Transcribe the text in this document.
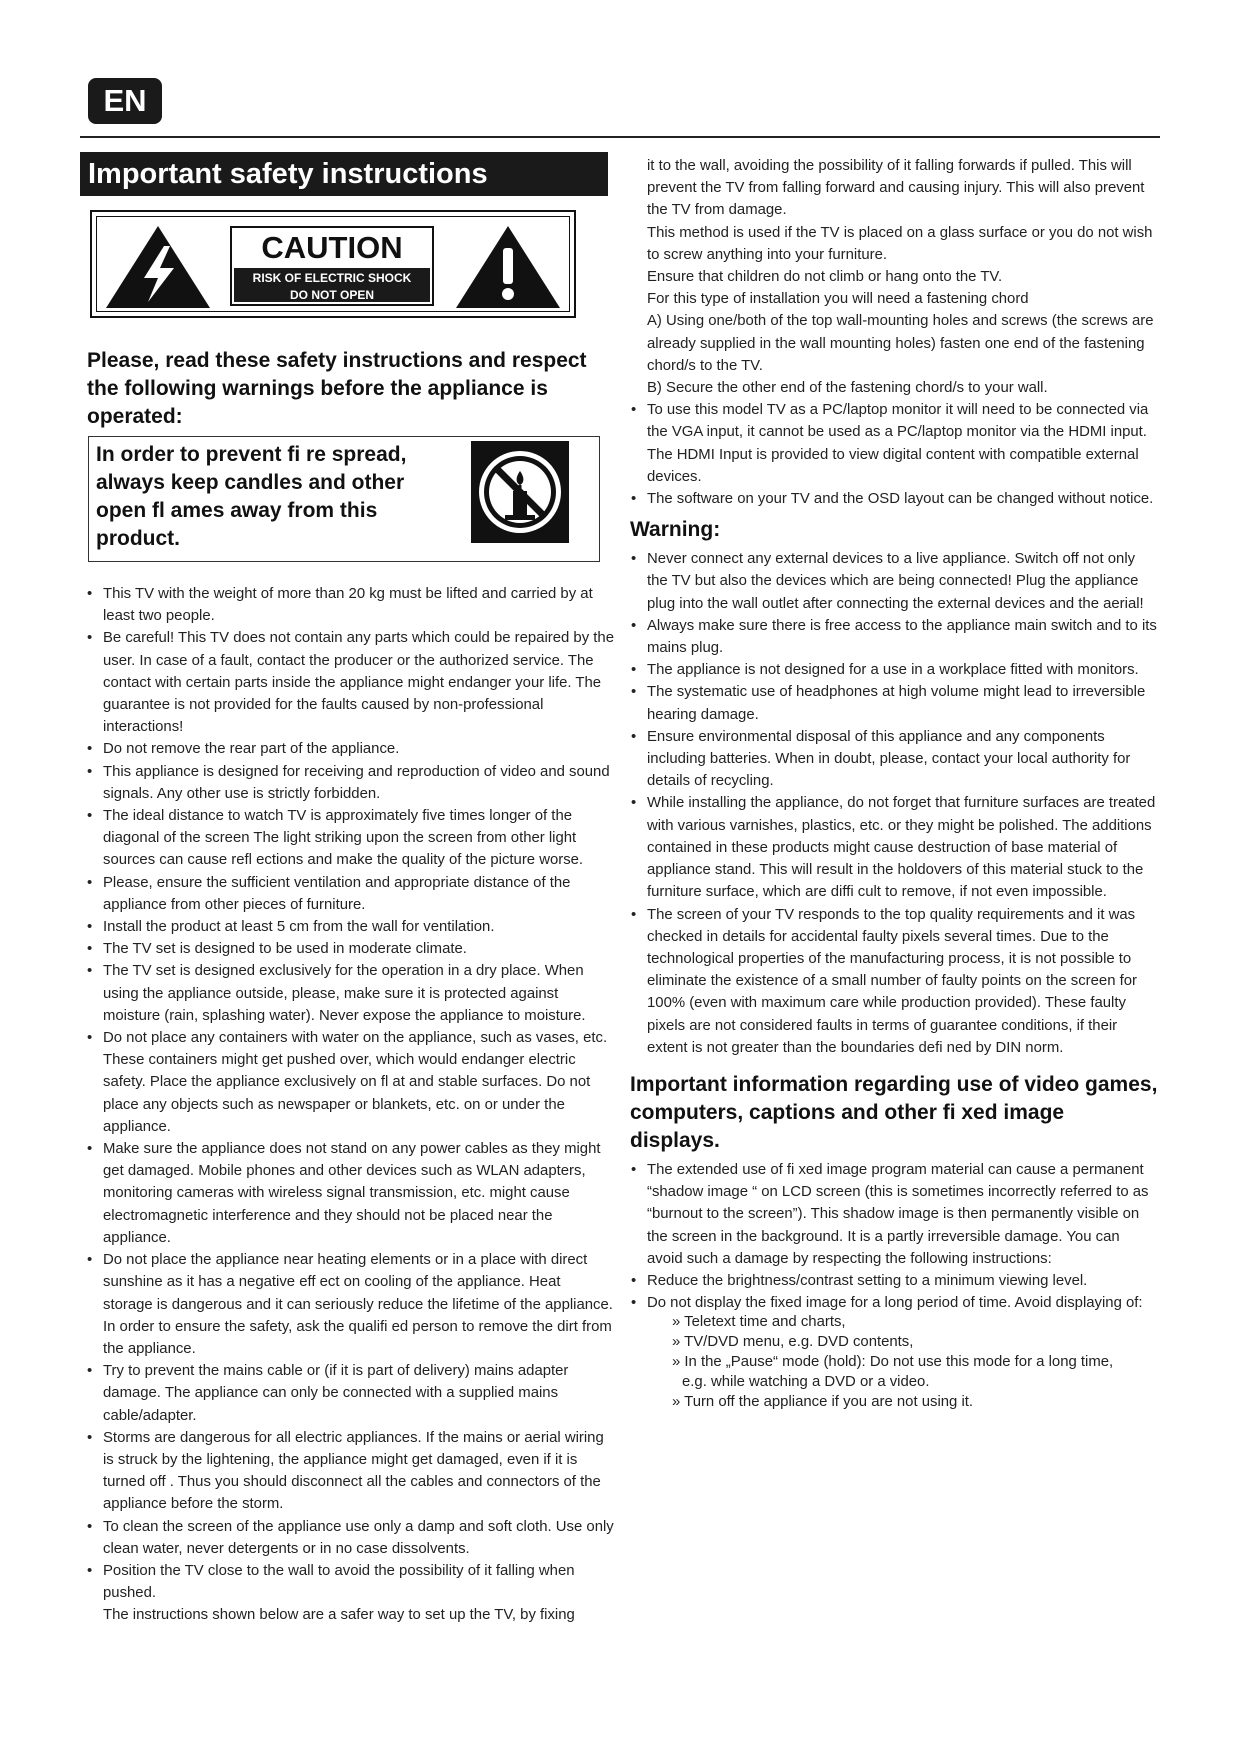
EN
Important safety instructions
CAUTION
RISK OF ELECTRIC SHOCK
DO NOT OPEN
Please, read these safety instructions and respect the following warnings before the appliance is operated:
In order to prevent fi re spread, always keep candles and other open fl ames away from this product.
• This TV with the weight of more than 20 kg must be lifted and carried by at least two people.
• Be careful! This TV does not contain any parts which could be repaired by the user. In case of a fault, contact the producer or the authorized service. The contact with certain parts inside the appliance might endanger your life. The guarantee is not provided for the faults caused by non-professional interactions!
• Do not remove the rear part of the appliance.
• This appliance is designed for receiving and reproduction of video and sound signals. Any other use is strictly forbidden.
• The ideal distance to watch TV is approximately five times longer of the diagonal of the screen The light striking upon the screen from other light sources can cause refl ections and make the quality of the picture worse.
• Please, ensure the sufficient ventilation and appropriate distance of the appliance from other pieces of furniture.
• Install the product at least 5 cm from the wall for ventilation.
• The TV set is designed to be used in moderate climate.
• The TV set is designed exclusively for the operation in a dry place. When using the appliance outside, please, make sure it is protected against moisture (rain, splashing water). Never expose the appliance to moisture.
• Do not place any containers with water on the appliance, such as vases, etc. These containers might get pushed over, which would endanger electric safety. Place the appliance exclusively on fl at and stable surfaces. Do not place any objects such as newspaper or blankets, etc. on or under the appliance.
• Make sure the appliance does not stand on any power cables as they might get damaged. Mobile phones and other devices such as WLAN adapters, monitoring cameras with wireless signal transmission, etc. might cause electromagnetic interference and they should not be placed near the appliance.
• Do not place the appliance near heating elements or in a place with direct sunshine as it has a negative eff ect on cooling of the appliance. Heat storage is dangerous and it can seriously reduce the lifetime of the appliance. In order to ensure the safety, ask the qualifi ed person to remove the dirt from the appliance.
• Try to prevent the mains cable or (if it is part of delivery) mains adapter damage. The appliance can only be connected with a supplied mains cable/adapter.
• Storms are dangerous for all electric appliances. If the mains or aerial wiring is struck by the lightening, the appliance might get damaged, even if it is turned off . Thus you should disconnect all the cables and connectors of the appliance before the storm.
• To clean the screen of the appliance use only a damp and soft cloth. Use only clean water, never detergents or in no case dissolvents.
• Position the TV close to the wall to avoid the possibility of it falling when pushed.
The instructions shown below are a safer way to set up the TV, by fixing
it to the wall, avoiding the possibility of it falling forwards if pulled. This will prevent the TV from falling forward and causing injury. This will also prevent the TV from damage.
This method is used if the TV is placed on a glass surface or you do not wish to screw anything into your furniture.
Ensure that children do not climb or hang onto the TV.
For this type of installation you will need a fastening chord
A) Using one/both of the top wall-mounting holes and screws (the screws are already supplied in the wall mounting holes) fasten one end of the fastening chord/s to the TV.
B) Secure the other end of the fastening chord/s to your wall.
• To use this model TV as a PC/laptop monitor it will need to be connected via the VGA input, it cannot be used as a PC/laptop monitor via the HDMI input. The HDMI Input is provided to view digital content with compatible external devices.
• The software on your TV and the OSD layout can be changed without notice.
Warning:
• Never connect any external devices to a live appliance. Switch off not only the TV but also the devices which are being connected! Plug the appliance plug into the wall outlet after connecting the external devices and the aerial!
• Always make sure there is free access to the appliance main switch and to its mains plug.
• The appliance is not designed for a use in a workplace fitted with monitors.
• The systematic use of headphones at high volume might lead to irreversible hearing damage.
• Ensure environmental disposal of this appliance and any components including batteries. When in doubt, please, contact your local authority for details of recycling.
• While installing the appliance, do not forget that furniture surfaces are treated with various varnishes, plastics, etc. or they might be polished. The additions contained in these products might cause destruction of base material of appliance stand. This will result in the holdovers of this material stuck to the furniture surface, which are diffi cult to remove, if not even impossible.
• The screen of your TV responds to the top quality requirements and it was checked in details for accidental faulty pixels several times. Due to the technological properties of the manufacturing process, it is not possible to eliminate the existence of a small number of faulty points on the screen for 100% (even with maximum care while production provided). These faulty pixels are not considered faults in terms of guarantee conditions, if their extent is not greater than the boundaries defi ned by DIN norm.
Important information regarding use of video games, computers, captions and other fi xed image displays.
• The extended use of fi xed image program material can cause a permanent “shadow image “ on LCD screen (this is sometimes incorrectly referred to as “burnout to the screen”). This shadow image is then permanently visible on the screen in the background. It is a partly irreversible damage. You can avoid such a damage by respecting the following instructions:
• Reduce the brightness/contrast setting to a minimum viewing level.
• Do not display the fixed image for a long period of time. Avoid displaying of:
» Teletext time and charts,
» TV/DVD menu, e.g. DVD contents,
» In the „Pause“ mode (hold): Do not use this mode for a long time,
e.g. while watching a DVD or a video.
» Turn off the appliance if you are not using it.
